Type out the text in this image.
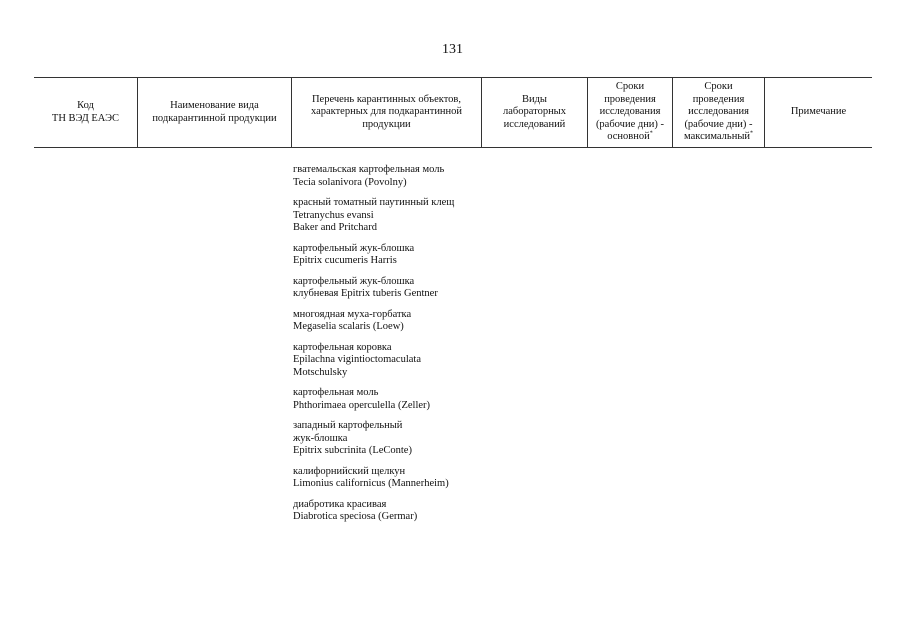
131
Код
ТН ВЭД ЕАЭС
Наименование вида
подкарантинной продукции
Перечень карантинных объектов,
характерных для подкарантинной
продукции
Виды
лабораторных
исследований
Сроки
проведения
исследования
(рабочие дни) -
основной*
Сроки
проведения
исследования
(рабочие дни) -
максимальный*
Примечание
гватемальская картофельная моль
Tecia solanivora (Povolny)
красный томатный паутинный клещ
Tetranychus evansi
Baker and Pritchard
картофельный жук-блошка
Epitrix cucumeris Harris
картофельный жук-блошка
клубневая Epitrix tuberis Gentner
многоядная муха-горбатка
Megaselia scalaris (Loew)
картофельная коровка
Epilachna vigintioctomaculata
Motschulsky
картофельная моль
Phthorimaea operculella (Zeller)
западный картофельный
жук-блошка
Epitrix subcrinita (LeConte)
калифорнийский щелкун
Limonius californicus (Mannerheim)
диабротика красивая
Diabrotica speciosa (Germar)
